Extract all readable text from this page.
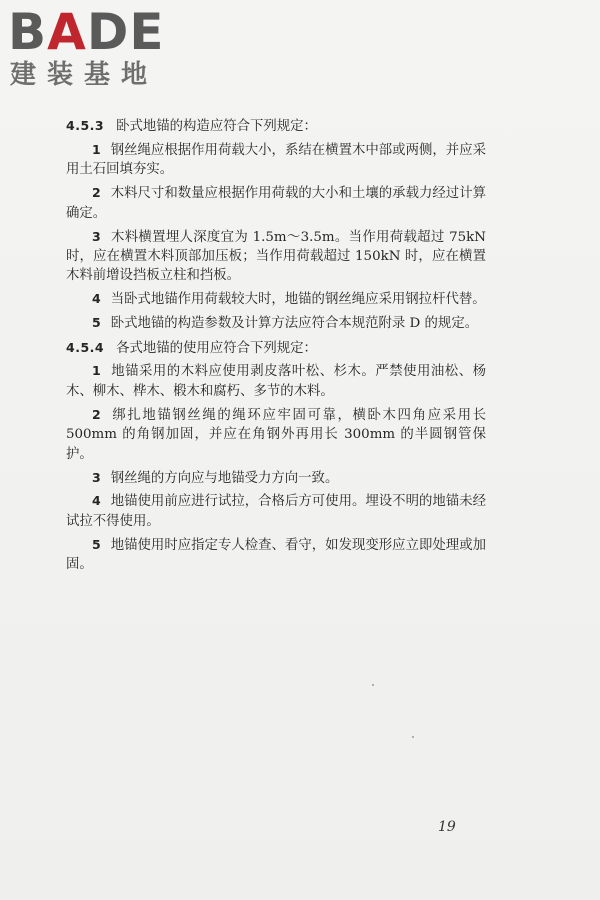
BADE
建装基地

4.5.3 卧式地锚的构造应符合下列规定：

1 钢丝绳应根据作用荷载大小，系结在横置木中部或两侧，并应采用土石回填夯实。

2 木料尺寸和数量应根据作用荷载的大小和土壤的承载力经过计算确定。

3 木料横置埋人深度宜为 1.5m～3.5m。当作用荷载超过 75kN 时，应在横置木料顶部加压板；当作用荷载超过 150kN 时，应在横置木料前增设挡板立柱和挡板。

4 当卧式地锚作用荷载较大时，地锚的钢丝绳应采用钢拉杆代替。

5 卧式地锚的构造参数及计算方法应符合本规范附录 D 的规定。

4.5.4 各式地锚的使用应符合下列规定：

1 地锚采用的木料应使用剥皮落叶松、杉木。严禁使用油松、杨木、柳木、桦木、椴木和腐朽、多节的木料。

2 绑扎地锚钢丝绳的绳环应牢固可靠，横卧木四角应采用长 500mm 的角钢加固，并应在角钢外再用长 300mm 的半圆钢管保护。

3 钢丝绳的方向应与地锚受力方向一致。

4 地锚使用前应进行试拉，合格后方可使用。埋设不明的地锚未经试拉不得使用。

5 地锚使用时应指定专人检查、看守，如发现变形应立即处理或加固。

19
